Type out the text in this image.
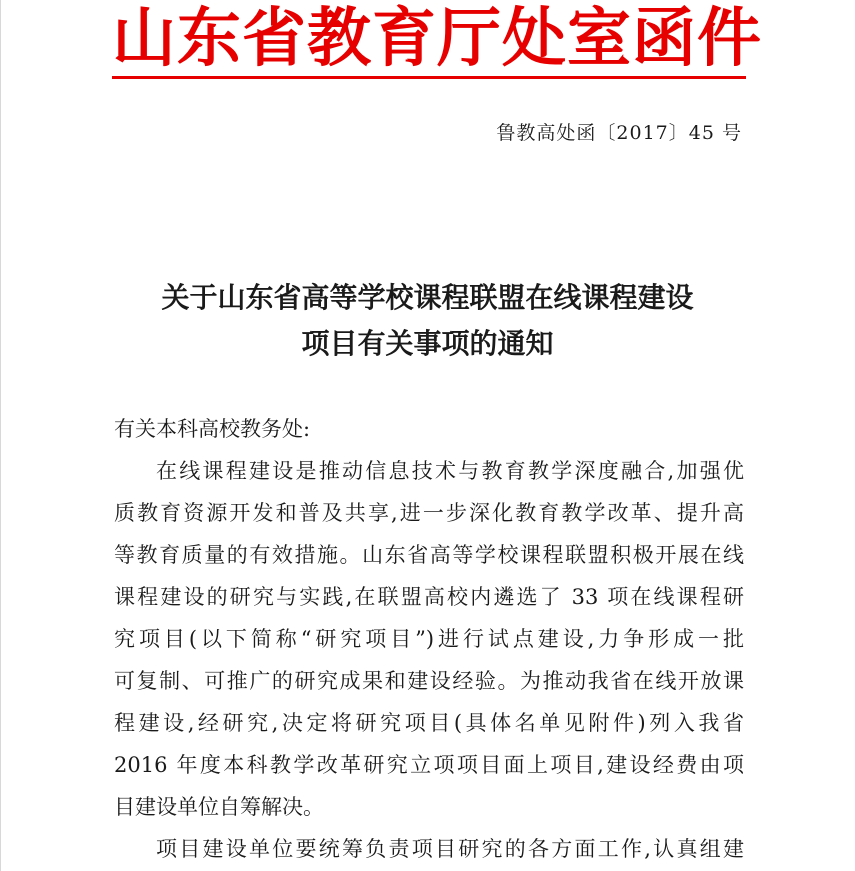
山东省教育厅处室函件
鲁教高处函〔2017〕45 号
关于山东省高等学校课程联盟在线课程建设
项目有关事项的通知
有关本科高校教务处:
在线课程建设是推动信息技术与教育教学深度融合,加强优
质教育资源开发和普及共享,进一步深化教育教学改革、提升高
等教育质量的有效措施。山东省高等学校课程联盟积极开展在线
课程建设的研究与实践,在联盟高校内遴选了 33 项在线课程研
究项目(以下简称“研究项目”)进行试点建设,力争形成一批
可复制、可推广的研究成果和建设经验。为推动我省在线开放课
程建设,经研究,决定将研究项目(具体名单见附件)列入我省
2016 年度本科教学改革研究立项项目面上项目,建设经费由项
目建设单位自筹解决。
项目建设单位要统筹负责项目研究的各方面工作,认真组建
